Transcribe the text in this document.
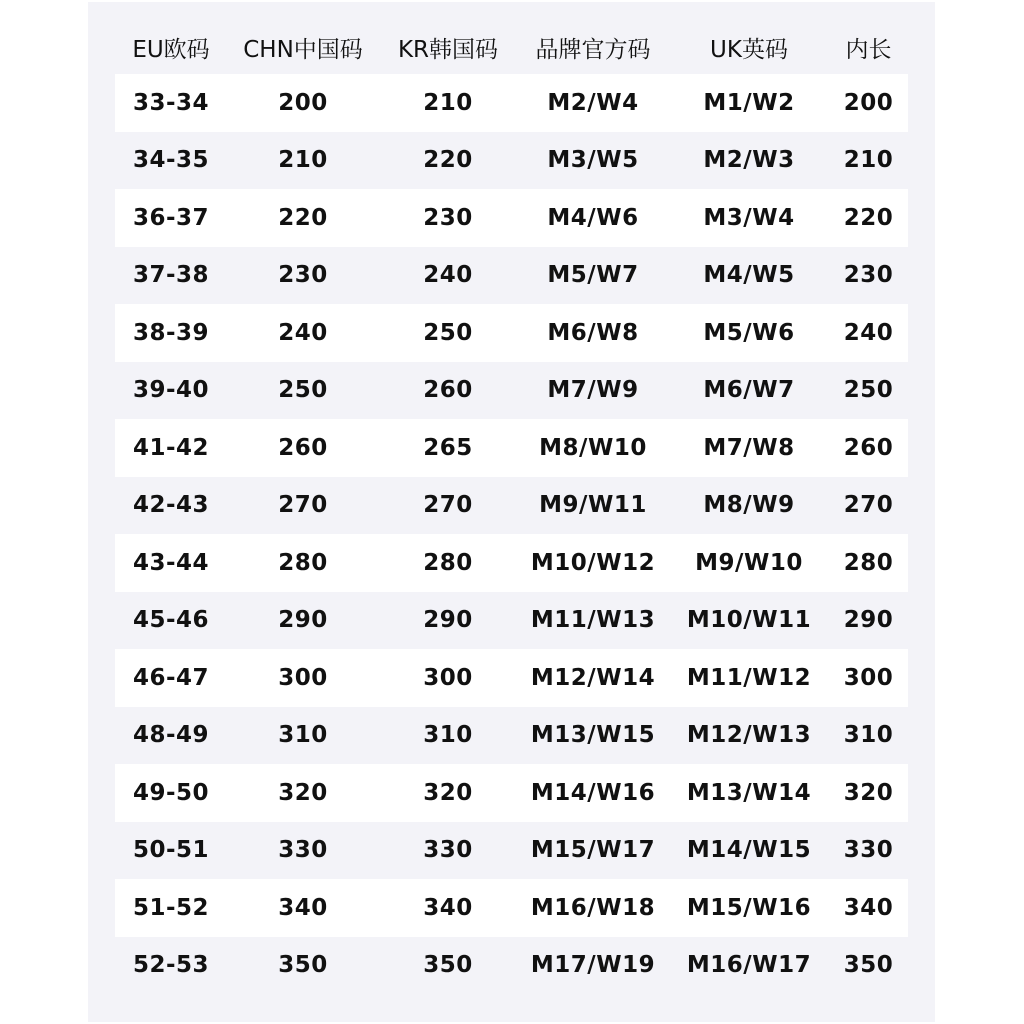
EU欧码	CHN中国码	KR韩国码	品牌官方码	UK英码	内长
33-34	200	210	M2/W4	M1/W2	200
34-35	210	220	M3/W5	M2/W3	210
36-37	220	230	M4/W6	M3/W4	220
37-38	230	240	M5/W7	M4/W5	230
38-39	240	250	M6/W8	M5/W6	240
39-40	250	260	M7/W9	M6/W7	250
41-42	260	265	M8/W10	M7/W8	260
42-43	270	270	M9/W11	M8/W9	270
43-44	280	280	M10/W12	M9/W10	280
45-46	290	290	M11/W13	M10/W11	290
46-47	300	300	M12/W14	M11/W12	300
48-49	310	310	M13/W15	M12/W13	310
49-50	320	320	M14/W16	M13/W14	320
50-51	330	330	M15/W17	M14/W15	330
51-52	340	340	M16/W18	M15/W16	340
52-53	350	350	M17/W19	M16/W17	350
